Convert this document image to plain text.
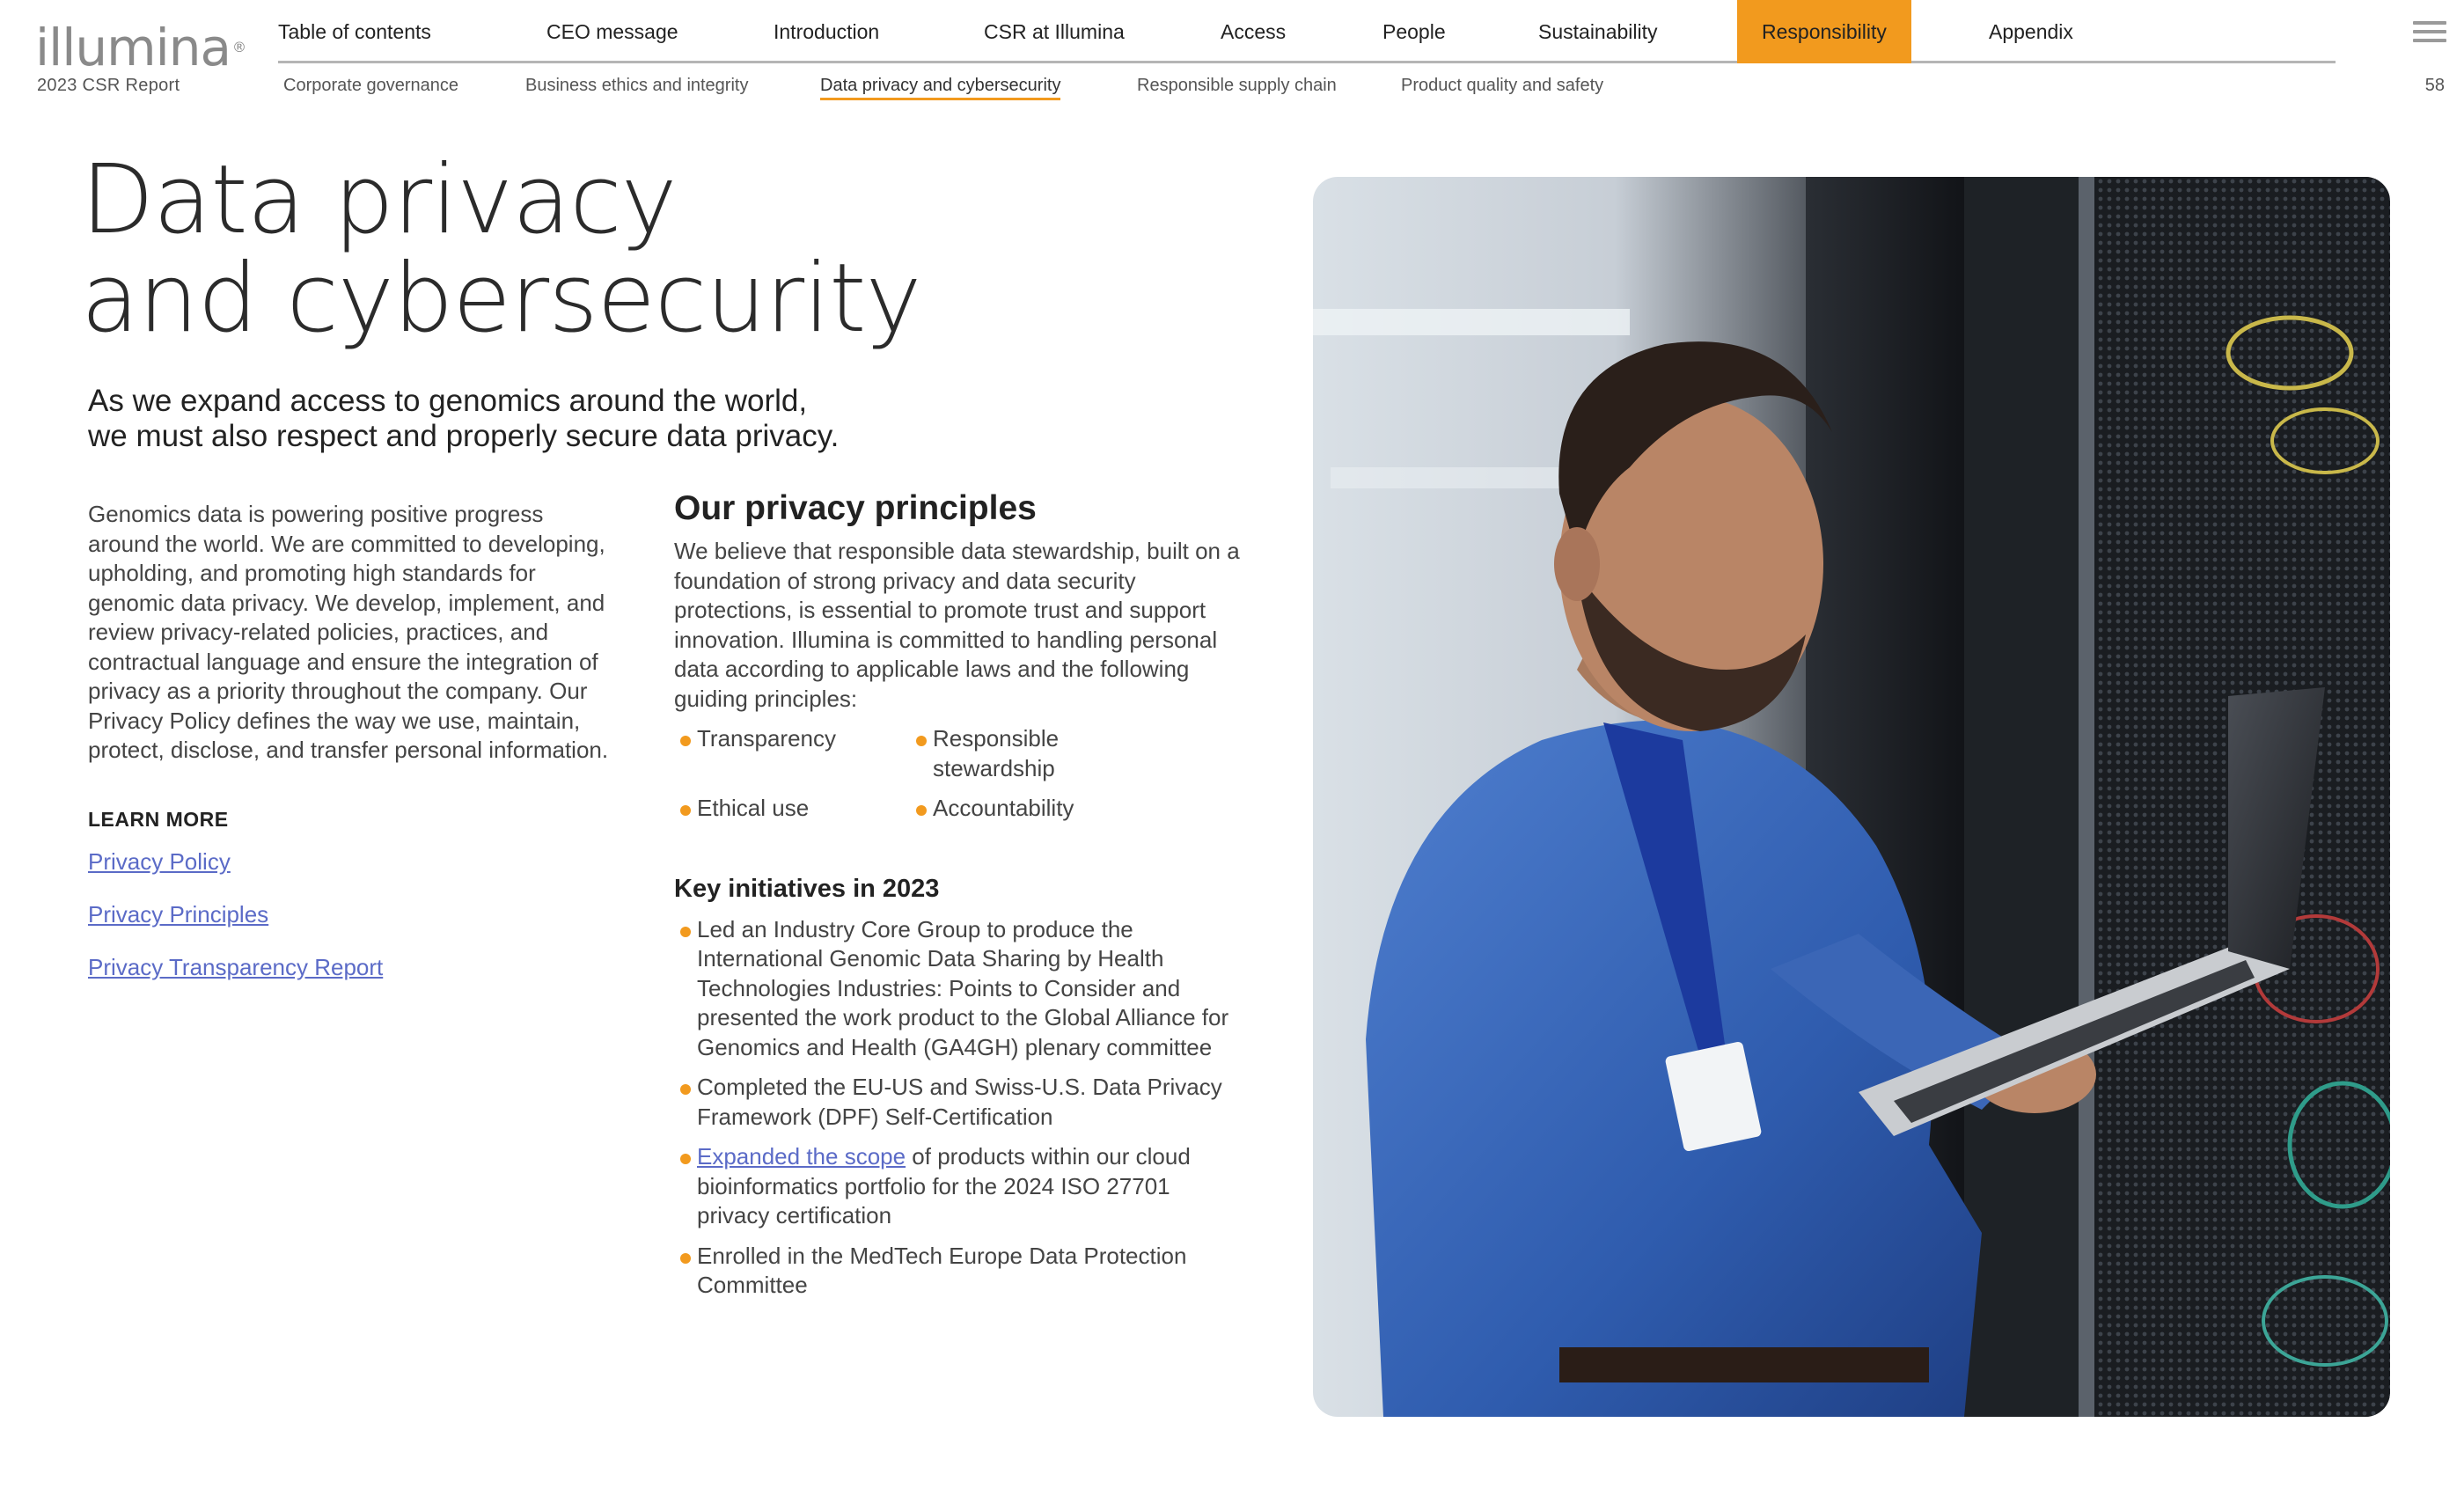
illumina ®
2023 CSR Report
Table of contents	CEO message	Introduction	CSR at Illumina	Access	People	Sustainability	Responsibility	Appendix
Corporate governance	Business ethics and integrity	Data privacy and cybersecurity	Responsible supply chain	Product quality and safety	58
Data privacy
and cybersecurity
As we expand access to genomics around the world,
we must also respect and properly secure data privacy.

Genomics data is powering positive progress around the world. We are committed to developing, upholding, and promoting high standards for genomic data privacy. We develop, implement, and review privacy-related policies, practices, and contractual language and ensure the integration of privacy as a priority throughout the company. Our Privacy Policy defines the way we use, maintain, protect, disclose, and transfer personal information.

LEARN MORE
Privacy Policy
Privacy Principles
Privacy Transparency Report
Our privacy principles

We believe that responsible data stewardship, built on a foundation of strong privacy and data security protections, is essential to promote trust and support innovation. Illumina is committed to handling personal data according to applicable laws and the following guiding principles:

Transparency	Responsible stewardship
Ethical use	Accountability
Key initiatives in 2023
Led an Industry Core Group to produce the International Genomic Data Sharing by Health Technologies Industries: Points to Consider and presented the work product to the Global Alliance for Genomics and Health (GA4GH) plenary committee
Completed the EU-US and Swiss-U.S. Data Privacy Framework (DPF) Self-Certification
Expanded the scope of products within our cloud bioinformatics portfolio for the 2024 ISO 27701 privacy certification
Enrolled in the MedTech Europe Data Protection Committee
